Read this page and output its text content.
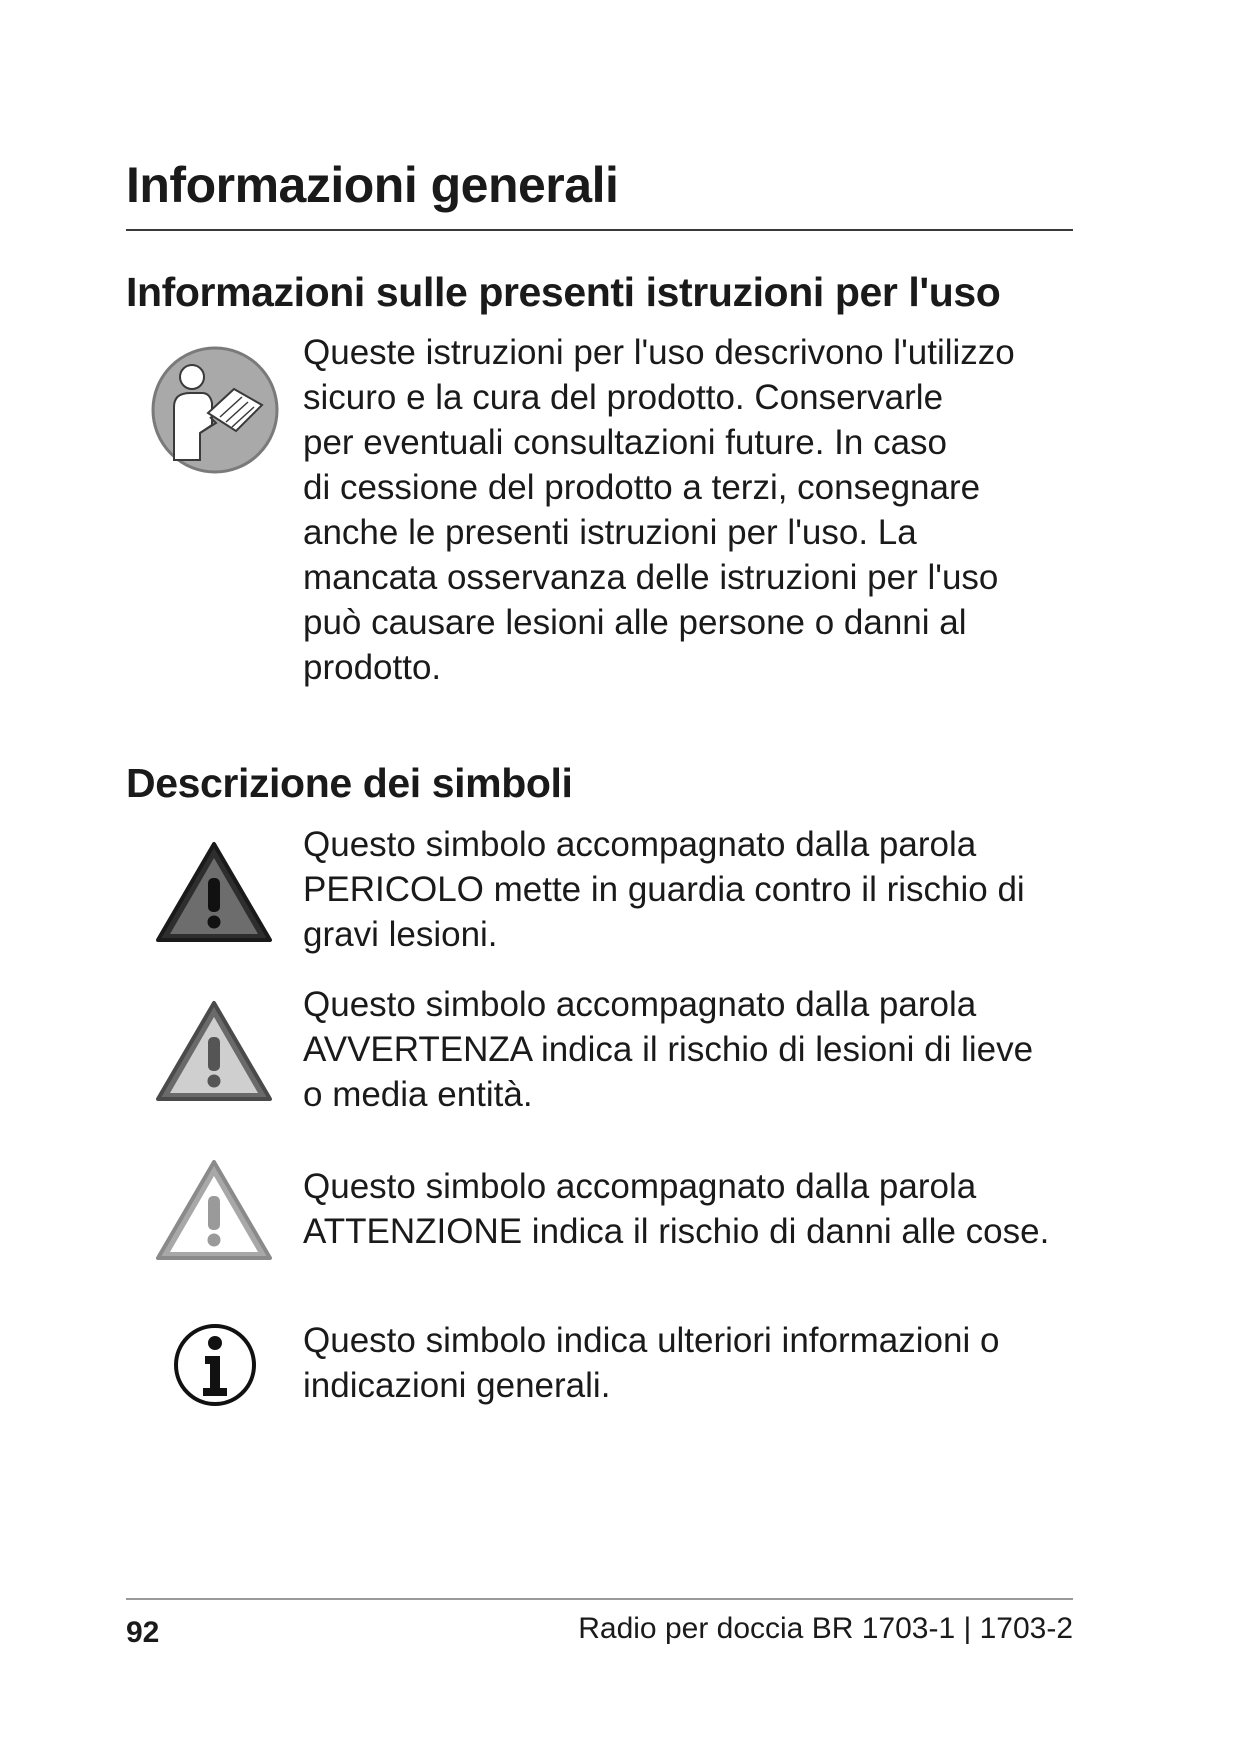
Informazioni generali
Informazioni sulle presenti istruzioni per l'uso
Queste istruzioni per l'uso descrivono l'utilizzo
sicuro e la cura del prodotto. Conservarle
per eventuali consultazioni future. In caso
di cessione del prodotto a terzi, consegnare
anche le presenti istruzioni per l'uso. La
mancata osservanza delle istruzioni per l'uso
può causare lesioni alle persone o danni al
prodotto.
Descrizione dei simboli
Questo simbolo accompagnato dalla parola
PERICOLO mette in guardia contro il rischio di
gravi lesioni.
Questo simbolo accompagnato dalla parola
AVVERTENZA indica il rischio di lesioni di lieve
o media entità.
Questo simbolo accompagnato dalla parola
ATTENZIONE indica il rischio di danni alle cose.
Questo simbolo indica ulteriori informazioni o
indicazioni generali.
92	Radio per doccia BR 1703-1 | 1703-2
